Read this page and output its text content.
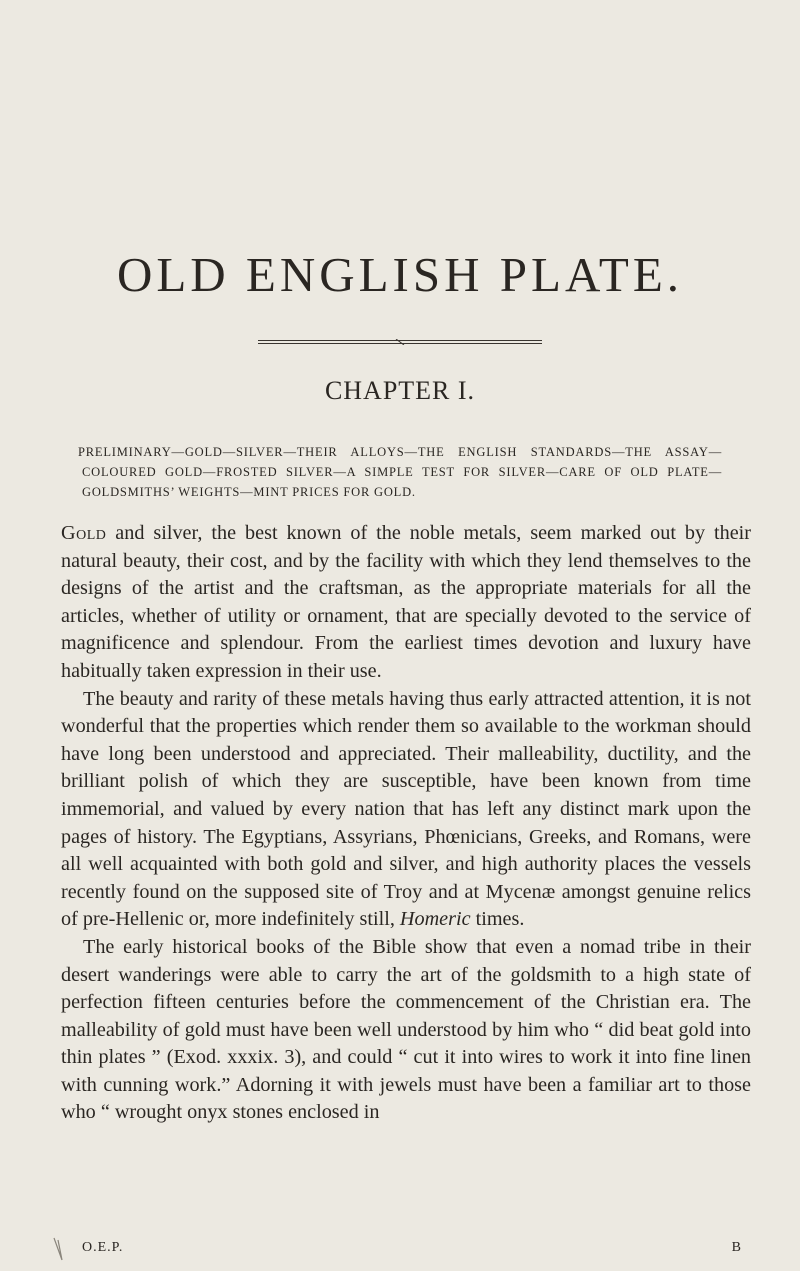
OLD ENGLISH PLATE.
CHAPTER I.

PRELIMINARY—GOLD—SILVER—THEIR ALLOYS—THE ENGLISH STANDARDS—THE ASSAY—COLOURED GOLD—FROSTED SILVER—A SIMPLE TEST FOR SILVER—CARE OF OLD PLATE—GOLDSMITHS’ WEIGHTS—MINT PRICES FOR GOLD.

Gold and silver, the best known of the noble metals, seem marked out by their natural beauty, their cost, and by the facility with which they lend themselves to the designs of the artist and the craftsman, as the appropriate materials for all the articles, whether of utility or ornament, that are specially devoted to the service of magnificence and splendour. From the earliest times devotion and luxury have habitually taken expression in their use.

The beauty and rarity of these metals having thus early attracted attention, it is not wonderful that the properties which render them so available to the workman should have long been understood and appreciated. Their malleability, ductility, and the brilliant polish of which they are susceptible, have been known from time immemorial, and valued by every nation that has left any distinct mark upon the pages of history. The Egyptians, Assyrians, Phœnicians, Greeks, and Romans, were all well acquainted with both gold and silver, and high authority places the vessels recently found on the supposed site of Troy and at Mycenæ amongst genuine relics of pre-Hellenic or, more indefinitely still, Homeric times.

The early historical books of the Bible show that even a nomad tribe in their desert wanderings were able to carry the art of the goldsmith to a high state of perfection fifteen centuries before the commencement of the Christian era. The malleability of gold must have been well understood by him who “ did beat gold into thin plates ” (Exod. xxxix. 3), and could “ cut it into wires to work it into fine linen with cunning work.” Adorning it with jewels must have been a familiar art to those who “ wrought onyx stones enclosed in

O.E.P.	B
